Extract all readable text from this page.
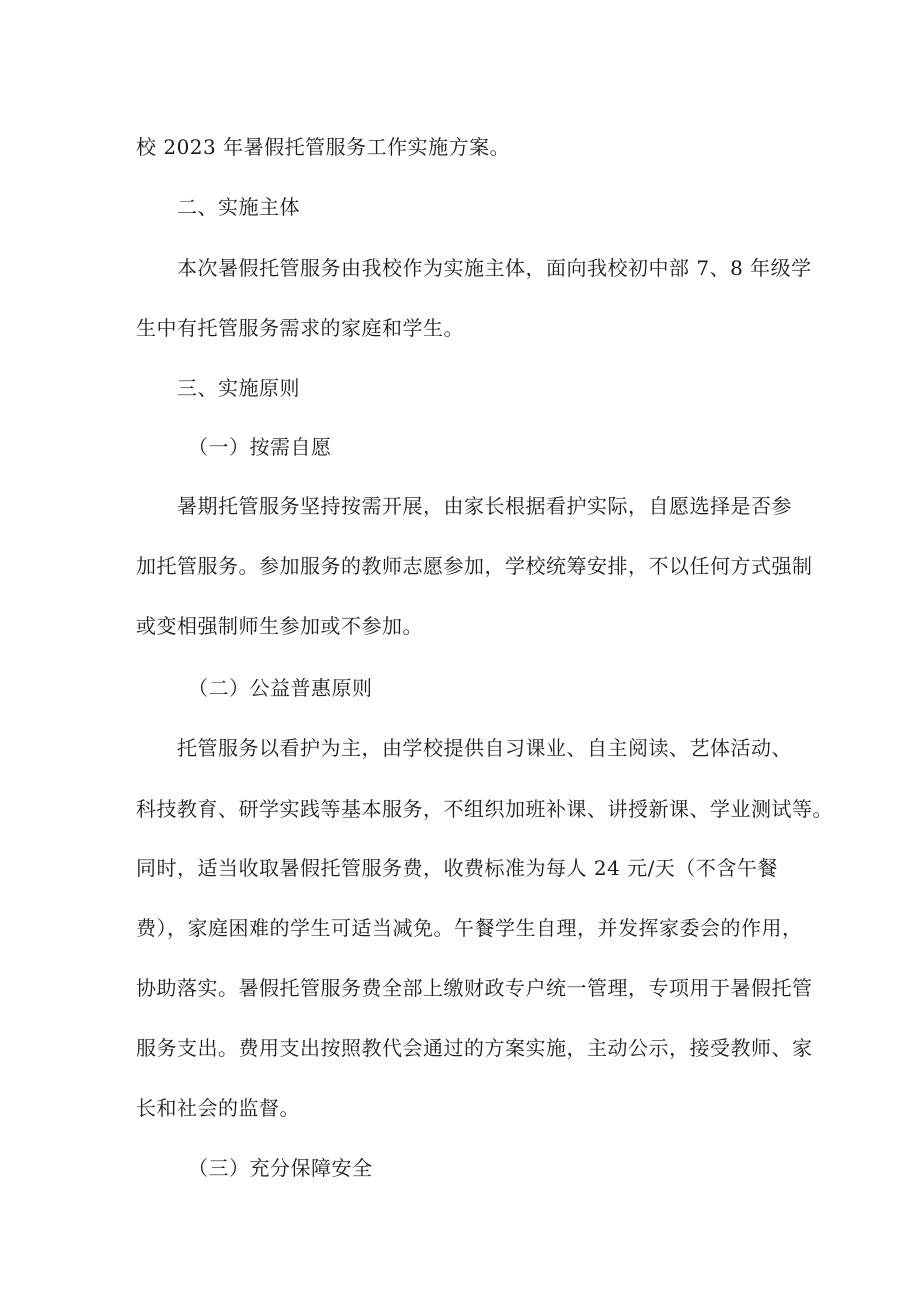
校 2023 年暑假托管服务工作实施方案。
二、实施主体
本次暑假托管服务由我校作为实施主体，面向我校初中部 7、8 年级学
生中有托管服务需求的家庭和学生。
三、实施原则
（一）按需自愿
暑期托管服务坚持按需开展，由家长根据看护实际，自愿选择是否参
加托管服务。参加服务的教师志愿参加，学校统筹安排，不以任何方式强制
或变相强制师生参加或不参加。
（二）公益普惠原则
托管服务以看护为主，由学校提供自习课业、自主阅读、艺体活动、
科技教育、研学实践等基本服务，不组织加班补课、讲授新课、学业测试等。
同时，适当收取暑假托管服务费，收费标准为每人 24 元/天（不含午餐
费），家庭困难的学生可适当减免。午餐学生自理，并发挥家委会的作用，
协助落实。暑假托管服务费全部上缴财政专户统一管理，专项用于暑假托管
服务支出。费用支出按照教代会通过的方案实施，主动公示，接受教师、家
长和社会的监督。
（三）充分保障安全
